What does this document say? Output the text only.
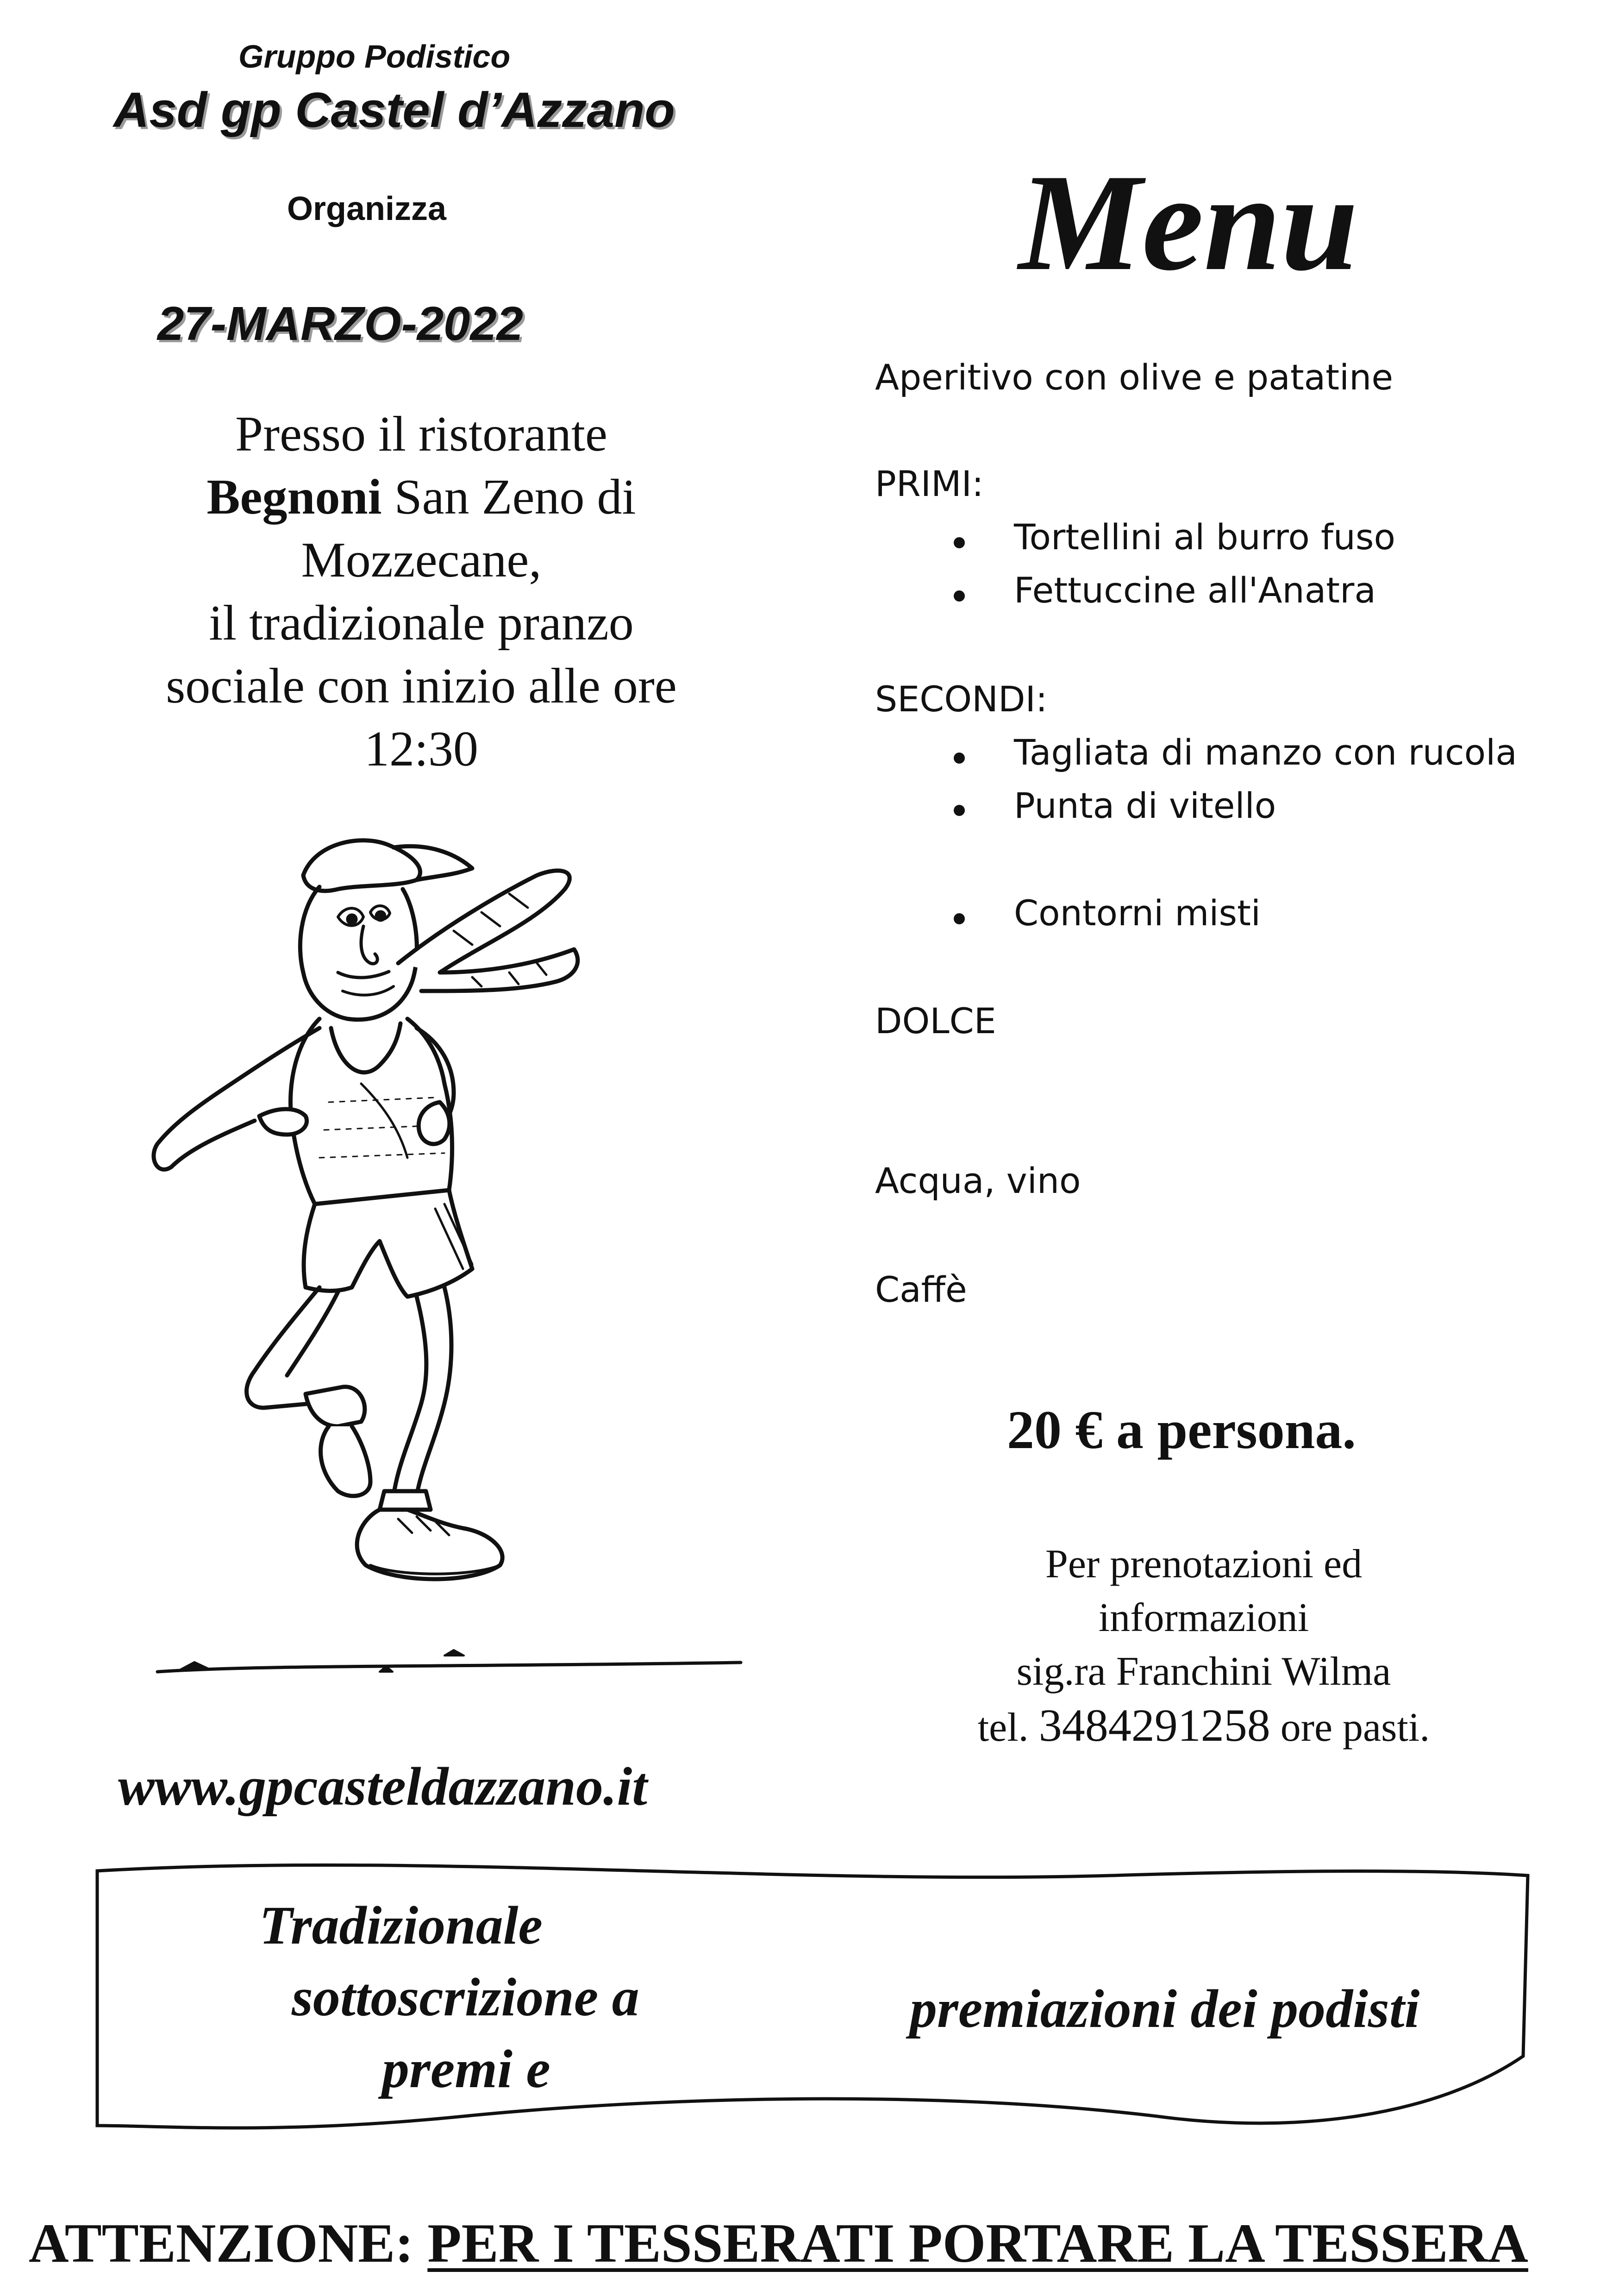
Gruppo Podistico
Asd gp Castel d’Azzano
Organizza
27-MARZO-2022
Presso il ristorante
Begnoni San Zeno di
Mozzecane,
il tradizionale pranzo
sociale con inizio alle ore
12:30
Menu
Aperitivo con olive e patatine
PRIMI:
Tortellini al burro fuso
Fettuccine all'Anatra
SECONDI:
Tagliata di manzo con rucola
Punta di vitello
Contorni misti
DOLCE
Acqua, vino
Caffè
20 € a persona.
Per prenotazioni ed
informazioni
sig.ra Franchini Wilma
tel. 3484291258 ore pasti.
www.gpcasteldazzano.it
Tradizionale
sottoscrizione a
premi e
premiazioni dei podisti
ATTENZIONE: PER I TESSERATI PORTARE LA TESSERA
